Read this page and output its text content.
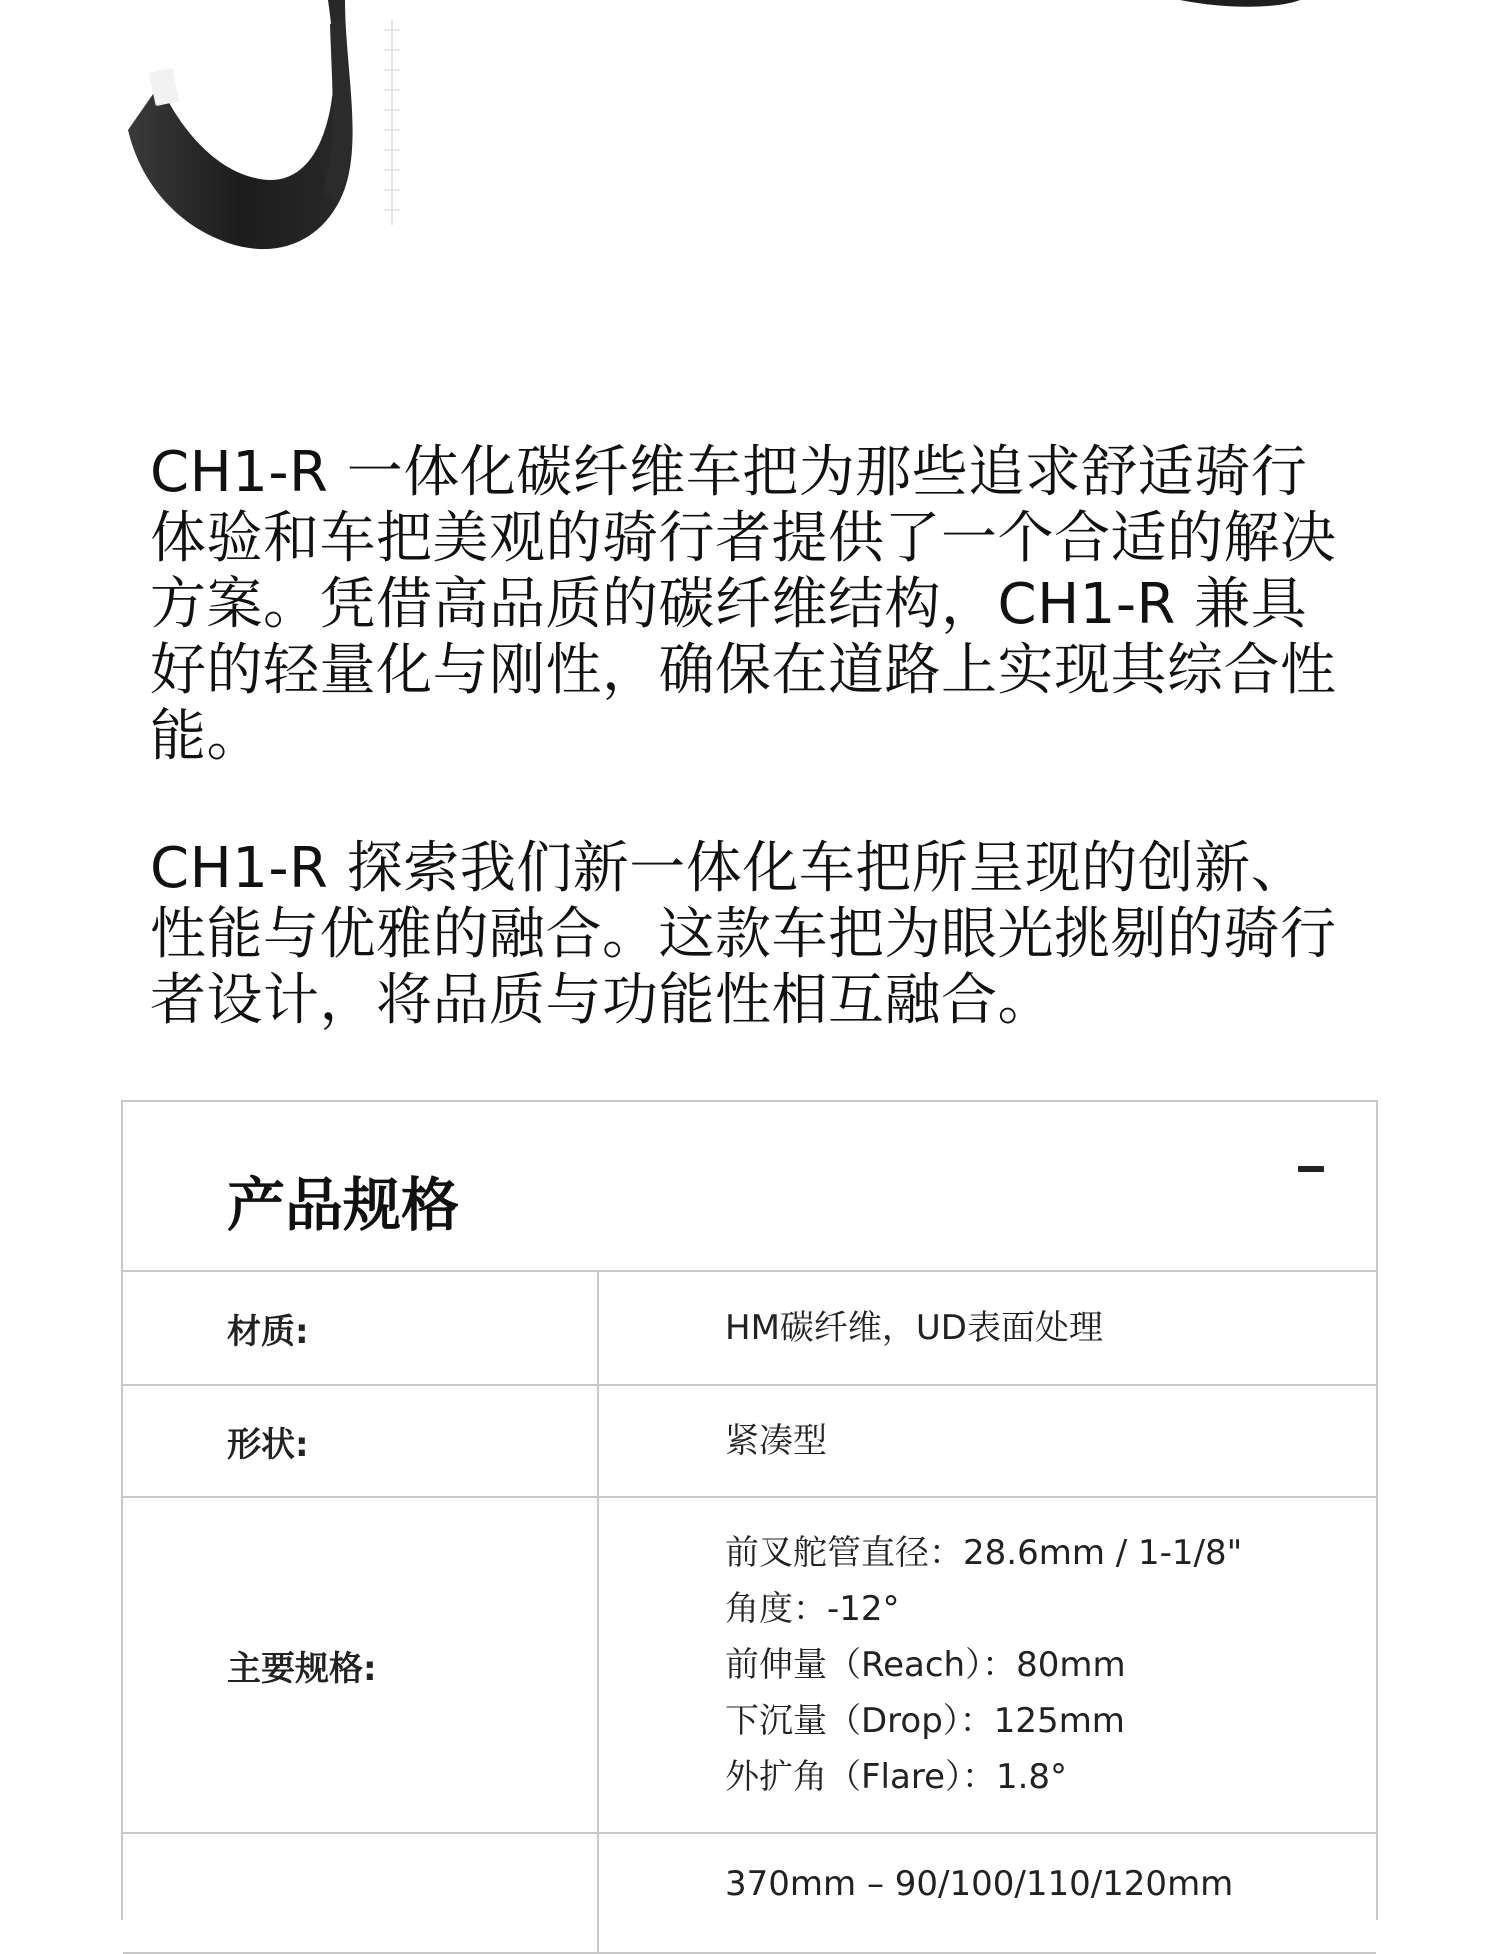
CH1-R 一体化碳纤维车把为那些追求舒适骑行体验和车把美观的骑行者提供了一个合适的解决方案。凭借高品质的碳纤维结构，CH1-R 兼具好的轻量化与刚性，确保在道路上实现其综合性能。

CH1-R 探索我们新一体化车把所呈现的创新、性能与优雅的融合。这款车把为眼光挑剔的骑行者设计，将品质与功能性相互融合。

产品规格
材质:	HM碳纤维，UD表面处理
形状:	紧凑型
主要规格:
前叉舵管直径：28.6mm / 1-1/8"
角度：-12°
前伸量（Reach）：80mm
下沉量（Drop）：125mm
外扩角（Flare）：1.8°
370mm – 90/100/110/120mm
